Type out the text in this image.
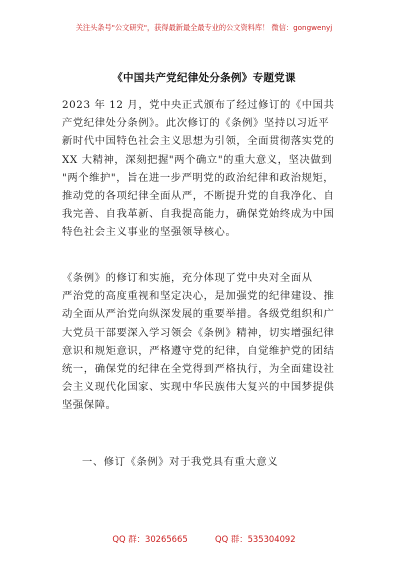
关注头条号"公文研究"，获得最新最全最专业的公文资料库！ 微信：gongwenyj
《中国共产党纪律处分条例》专题党课
2023 年 12 月，党中央正式颁布了经过修订的《中国共
产党纪律处分条例》。此次修订的《条例》坚持以习近平
新时代中国特色社会主义思想为引领，全面贯彻落实党的
XX 大精神，深刻把握"两个确立"的重大意义，坚决做到
"两个维护"，旨在进一步严明党的政治纪律和政治规矩，
推动党的各项纪律全面从严，不断提升党的自我净化、自
我完善、自我革新、自我提高能力，确保党始终成为中国
特色社会主义事业的坚强领导核心。
《条例》的修订和实施，充分体现了党中央对全面从
严治党的高度重视和坚定决心，是加强党的纪律建设、推
动全面从严治党向纵深发展的重要举措。各级党组织和广
大党员干部要深入学习领会《条例》精神，切实增强纪律
意识和规矩意识，严格遵守党的纪律，自觉维护党的团结
统一，确保党的纪律在全党得到严格执行，为全面建设社
会主义现代化国家、实现中华民族伟大复兴的中国梦提供
坚强保障。
一、修订《条例》对于我党具有重大意义
QQ 群：30265665	QQ 群：535304092
